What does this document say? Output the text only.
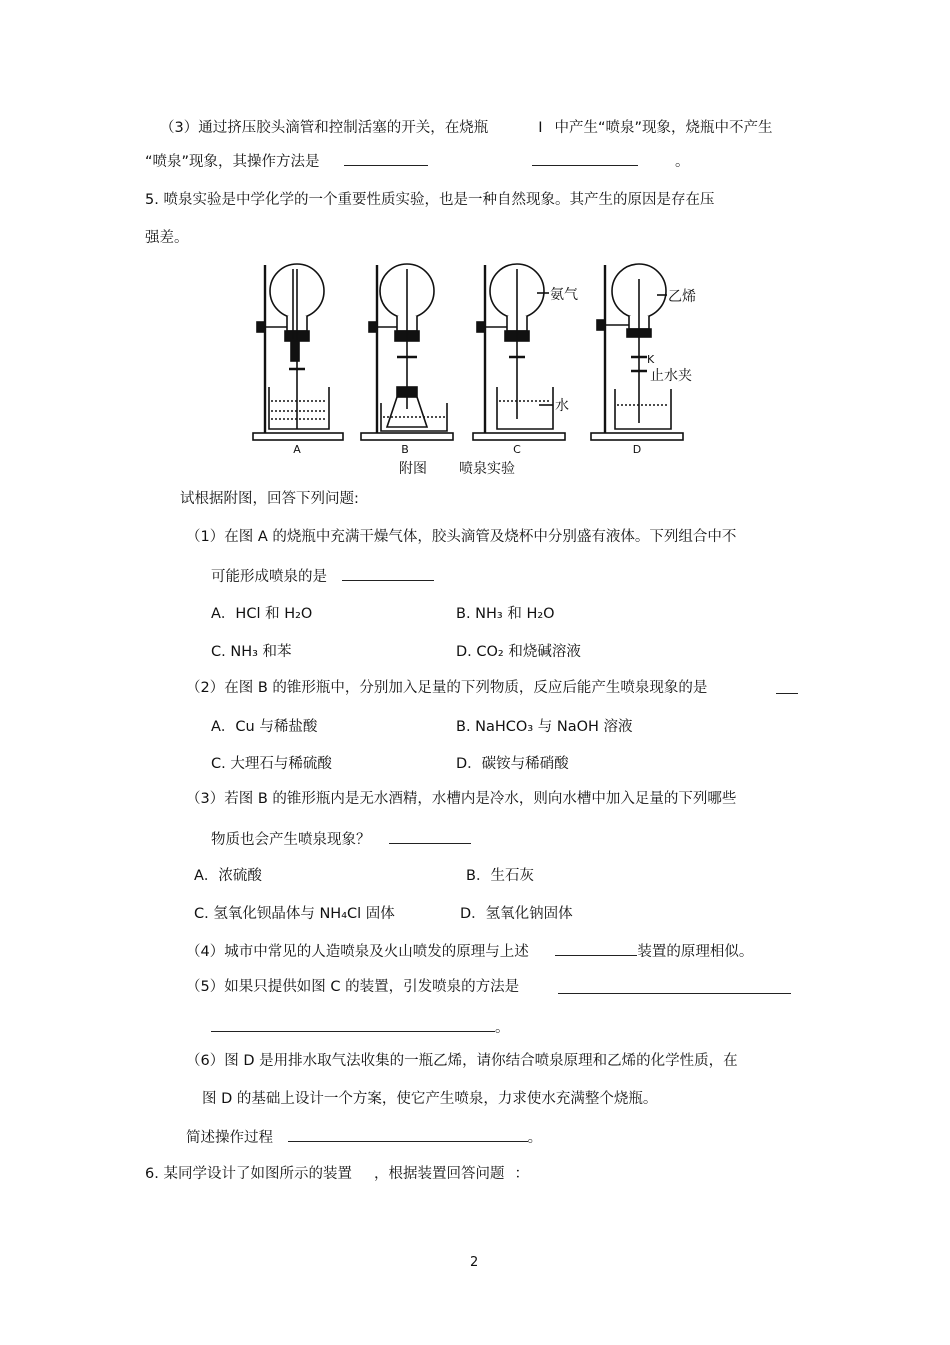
（3）通过挤压胶头滴管和控制活塞的开关，在烧瓶	I 中产生“喷泉”现象，烧瓶中不产生
“喷泉”现象，其操作方法是	。
5. 喷泉实验是中学化学的一个重要性质实验，也是一种自然现象。其产生的原因是存在压
强差。
A	B	C	D
附图 喷泉实验
氨气
水
乙烯
K
止水夹
试根据附图，回答下列问题:
（1）在图 A 的烧瓶中充满干燥气体，胶头滴管及烧杯中分别盛有液体。下列组合中不
可能形成喷泉的是
A．HCl 和 H₂O	B. NH₃ 和 H₂O
C. NH₃ 和苯	D. CO₂ 和烧碱溶液
（2）在图 B 的锥形瓶中，分别加入足量的下列物质，反应后能产生喷泉现象的是
A．Cu 与稀盐酸	B. NaHCO₃ 与 NaOH 溶液
C. 大理石与稀硫酸	D．碳铵与稀硝酸
（3）若图 B 的锥形瓶内是无水酒精，水槽内是冷水，则向水槽中加入足量的下列哪些
物质也会产生喷泉现象？
A．浓硫酸	B．生石灰
C. 氢氧化钡晶体与 NH₄Cl 固体	D．氢氧化钠固体
（4）城市中常见的人造喷泉及火山喷发的原理与上述	装置的原理相似。
（5）如果只提供如图 C 的装置，引发喷泉的方法是
。
（6）图 D 是用排水取气法收集的一瓶乙烯，请你结合喷泉原理和乙烯的化学性质，在
图 D 的基础上设计一个方案，使它产生喷泉，力求使水充满整个烧瓶。
简述操作过程	。
6. 某同学设计了如图所示的装置 ，根据装置回答问题 ：
2
